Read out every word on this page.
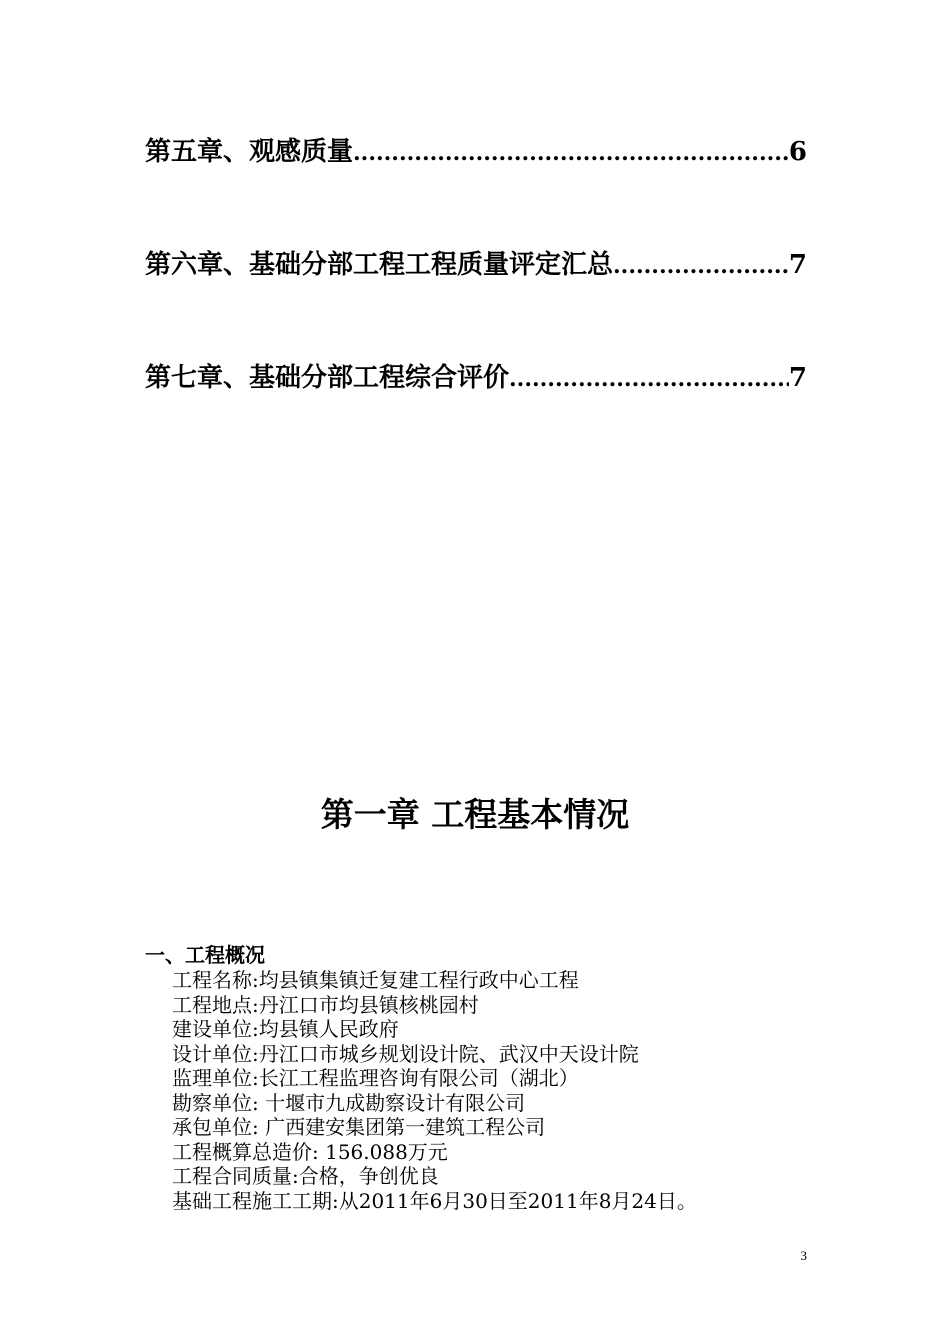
第五章、观感质量 .....	6
第六章、基础分部工程工程质量评定汇总 .....	7
第七章、基础分部工程综合评价 .....	7
第一章 工程基本情况
一、工程概况
工程名称:均县镇集镇迁复建工程行政中心工程
工程地点:丹江口市均县镇核桃园村
建设单位:均县镇人民政府
设计单位:丹江口市城乡规划设计院、武汉中天设计院
监理单位:长江工程监理咨询有限公司（湖北）
勘察单位: 十堰市九成勘察设计有限公司
承包单位: 广西建安集团第一建筑工程公司
工程概算总造价: 156.088万元
工程合同质量:合格，争创优良
基础工程施工工期:从2011年6月30日至2011年8月24日。
3
